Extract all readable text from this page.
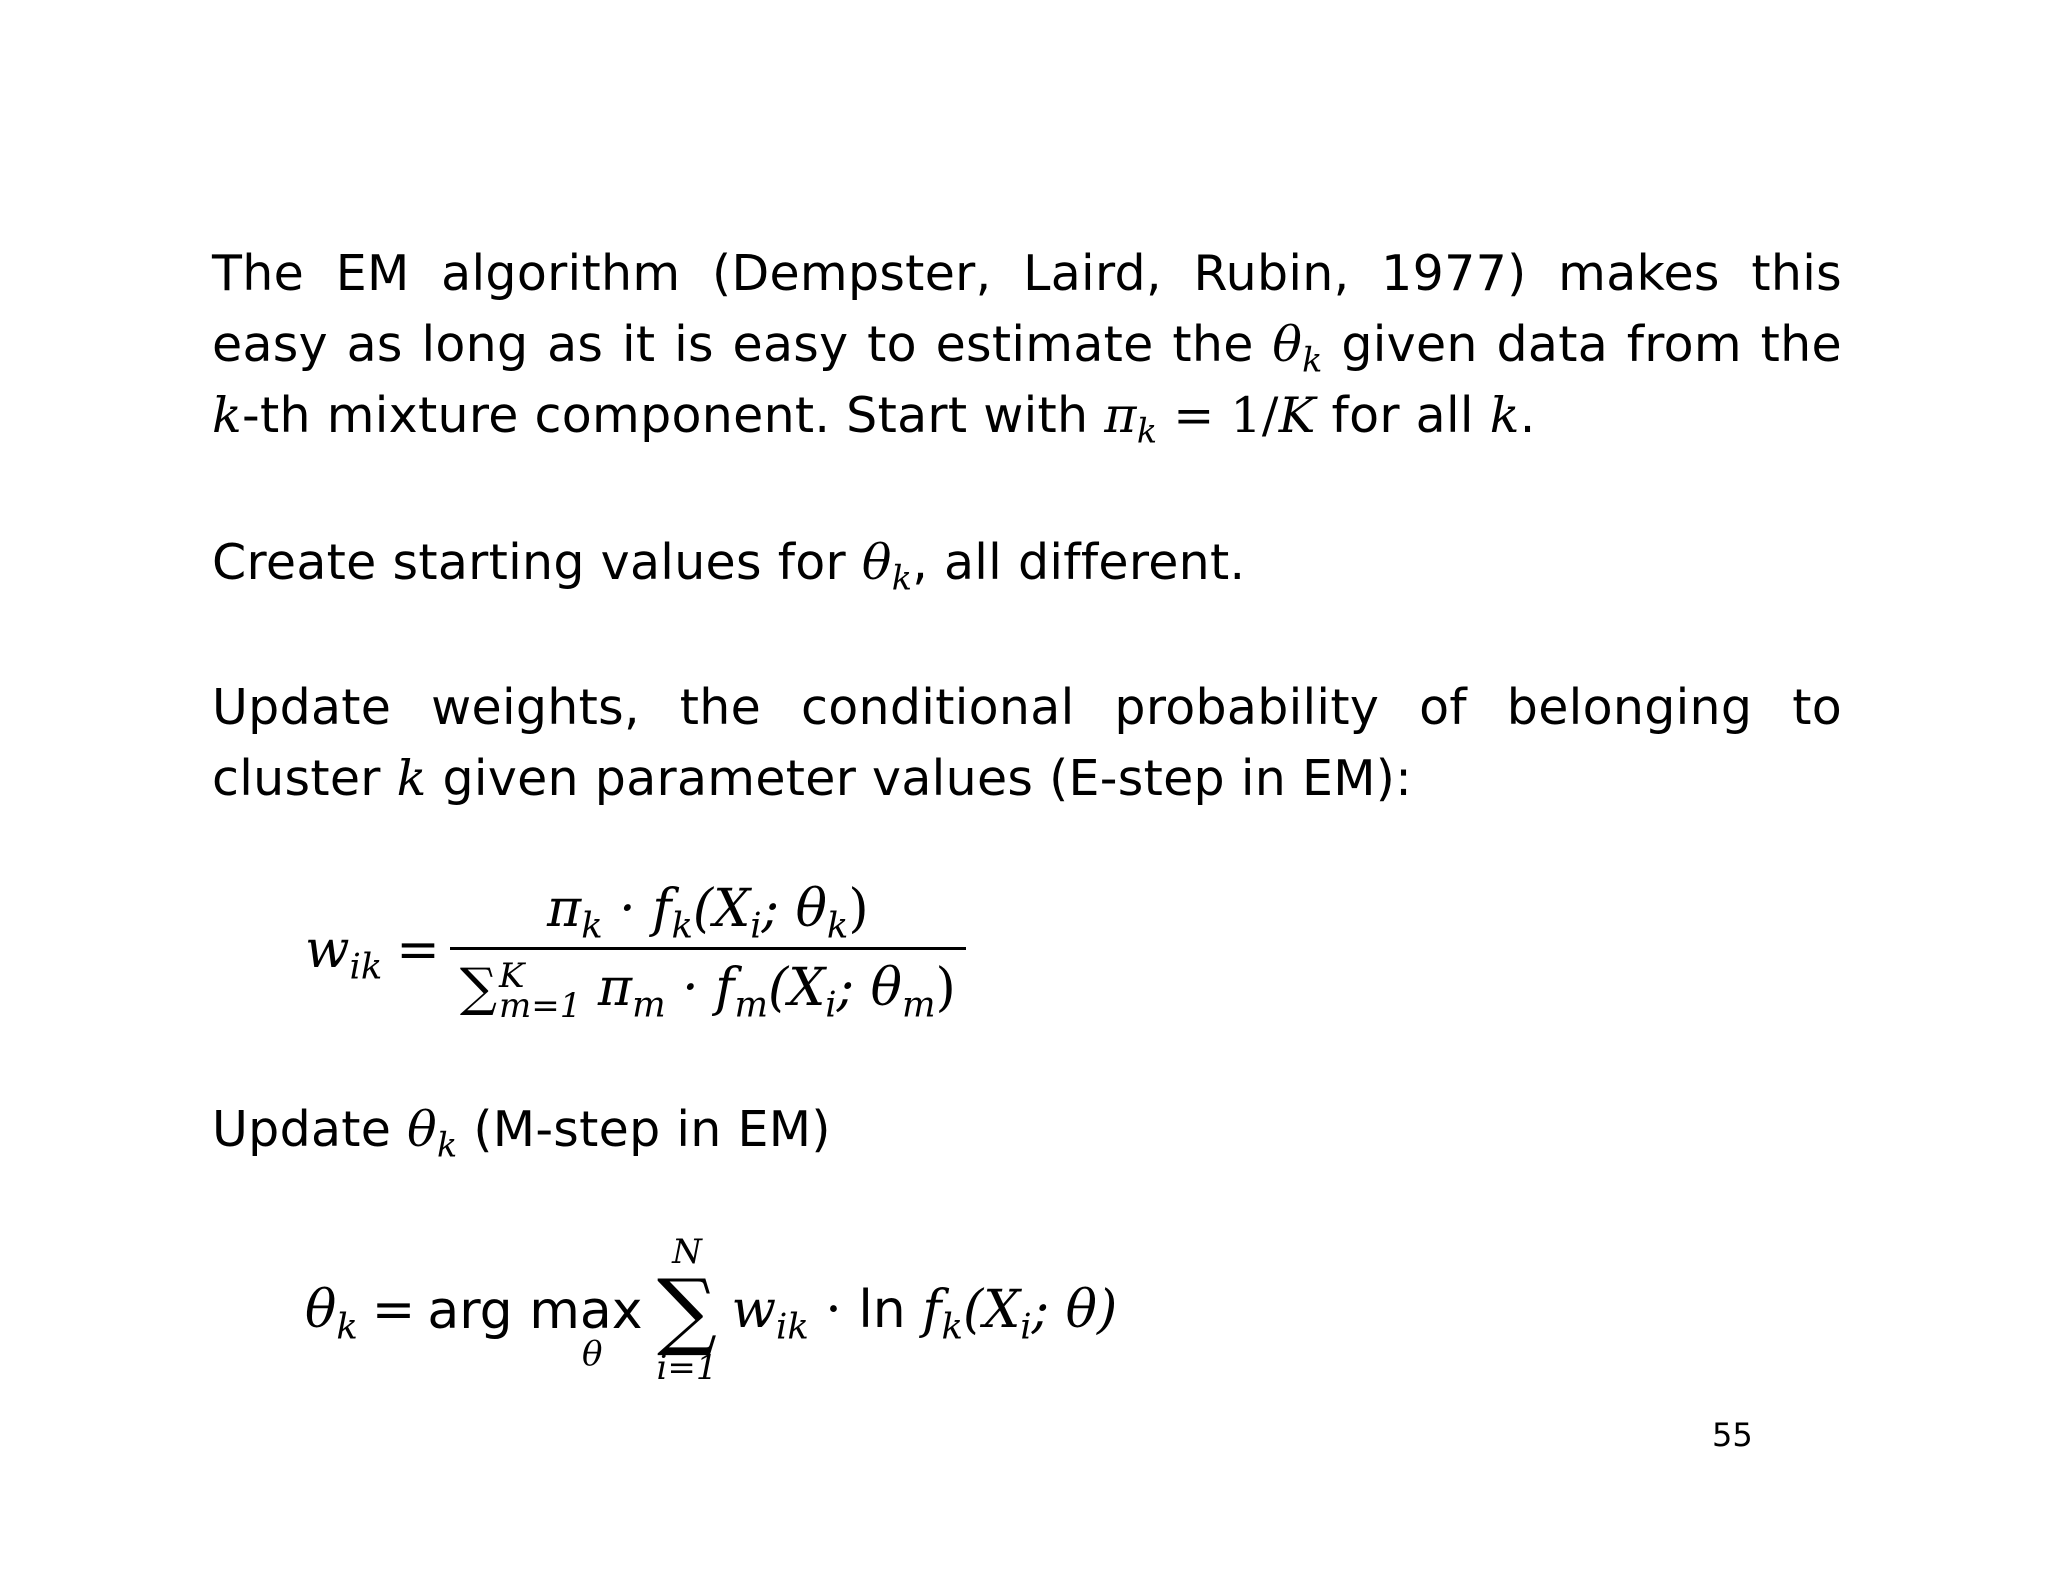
The EM algorithm (Dempster, Laird, Rubin, 1977) makes this easy as long as it is easy to estimate the $\theta_k$ given data from the k-th mixture component. Start with $\pi_k = 1/K$ for all k.
Create starting values for $\theta_k$, all different.
Update weights, the conditional probability of belonging to cluster k given parameter values (E-step in EM):
$w_{ik} = \pi_k \cdot f_k(X_i$; $\theta_k$)
∑ K
m=1 $\pi_m \cdot f_m(X_i$; $\theta_m$)
Update $\theta_k$ (M-step in EM)
$\theta_k$ = arg max
θ
N
∑
i=1
$w_{ik} \cdot \ln f_k(X_i$; θ)
55
